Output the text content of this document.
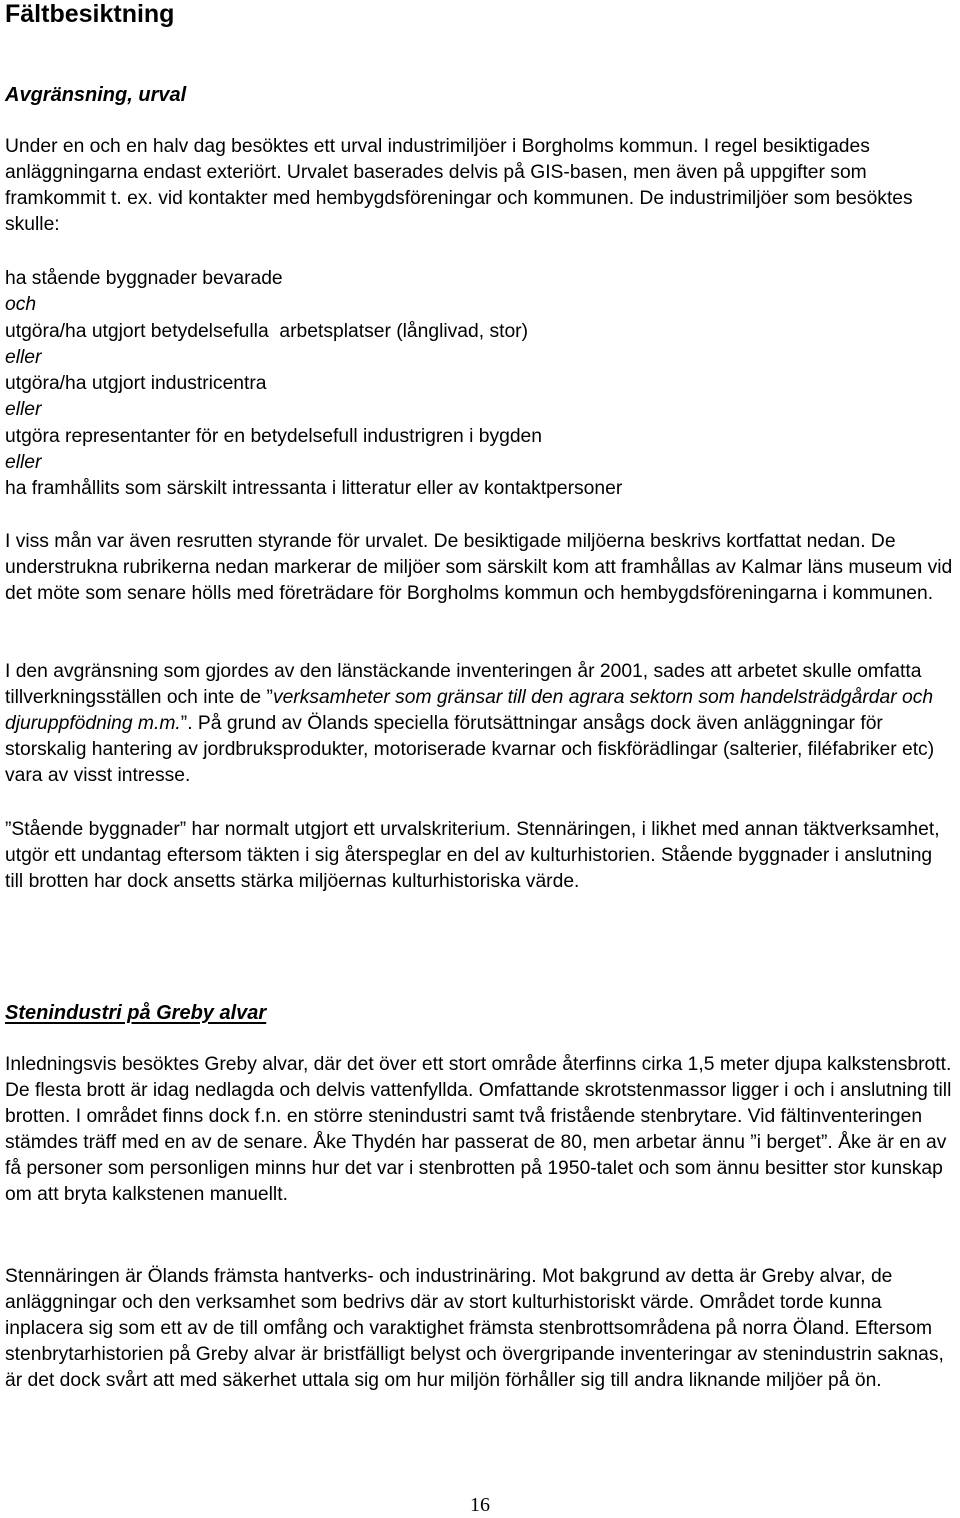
Fältbesiktning
Avgränsning, urval

Under en och en halv dag besöktes ett urval industrimiljöer i Borgholms kommun. I regel besiktigades anläggningarna endast exteriört. Urvalet baserades delvis på GIS-basen, men även på uppgifter som framkommit t. ex. vid kontakter med hembygdsföreningar och kommunen. De industrimiljöer som besöktes skulle:

ha stående byggnader bevarade

och

utgöra/ha utgjort betydelsefulla  arbetsplatser (långlivad, stor)

eller

utgöra/ha utgjort industricentra

eller

utgöra representanter för en betydelsefull industrigren i bygden

eller

ha framhållits som särskilt intressanta i litteratur eller av kontaktpersoner

I viss mån var även resrutten styrande för urvalet. De besiktigade miljöerna beskrivs kortfattat nedan. De understrukna rubrikerna nedan markerar de miljöer som särskilt kom att framhållas av Kalmar läns museum vid det möte som senare hölls med företrädare för Borgholms kommun och hembygdsföreningarna i kommunen.

I den avgränsning som gjordes av den länstäckande inventeringen år 2001, sades att arbetet skulle omfatta tillverkningsställen och inte de ”verksamheter som gränsar till den agrara sektorn som handelsträdgårdar och djuruppfödning m.m.”. På grund av Ölands speciella förutsättningar ansågs dock även anläggningar för storskalig hantering av jordbruksprodukter, motoriserade kvarnar och fiskförädlingar (salterier, filéfabriker etc) vara av visst intresse.

”Stående byggnader” har normalt utgjort ett urvalskriterium. Stennäringen, i likhet med annan täktverksamhet, utgör ett undantag eftersom täkten i sig återspeglar en del av kulturhistorien. Stående byggnader i anslutning till brotten har dock ansetts stärka miljöernas kulturhistoriska värde.

Stenindustri på Greby alvar

Inledningsvis besöktes Greby alvar, där det över ett stort område återfinns cirka 1,5 meter djupa kalkstensbrott. De flesta brott är idag nedlagda och delvis vattenfyllda. Omfattande skrotstenmassor ligger i och i anslutning till brotten. I området finns dock f.n. en större stenindustri samt två fristående stenbrytare. Vid fältinventeringen stämdes träff med en av de senare. Åke Thydén har passerat de 80, men arbetar ännu ”i berget”. Åke är en av få personer som personligen minns hur det var i stenbrotten på 1950-talet och som ännu besitter stor kunskap om att bryta kalkstenen manuellt.

Stennäringen är Ölands främsta hantverks- och industrinäring. Mot bakgrund av detta är Greby alvar, de anläggningar och den verksamhet som bedrivs där av stort kulturhistoriskt värde. Området torde kunna inplacera sig som ett av de till omfång och varaktighet främsta stenbrottsområdena på norra Öland. Eftersom stenbrytarhistorien på Greby alvar är bristfälligt belyst och övergripande inventeringar av stenindustrin saknas, är det dock svårt att med säkerhet uttala sig om hur miljön förhåller sig till andra liknande miljöer på ön.

16
